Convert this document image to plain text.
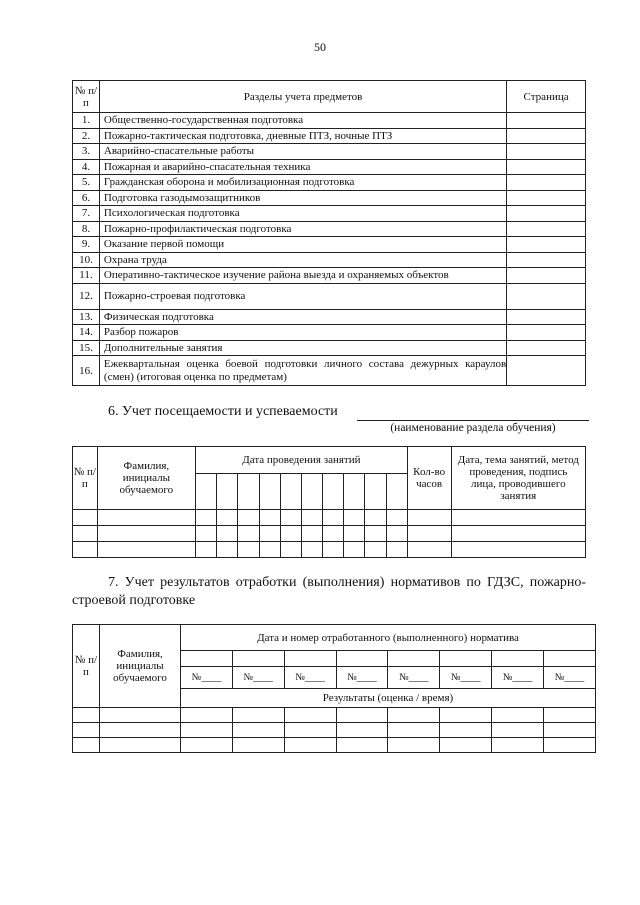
50
№ п/п	Разделы учета предметов	Страница
1.	Общественно-государственная подготовка	
2.	Пожарно-тактическая подготовка, дневные ПТЗ, ночные ПТЗ	
3.	Аварийно-спасательные работы	
4.	Пожарная и аварийно-спасательная техника	
5.	Гражданская оборона и мобилизационная подготовка	
6.	Подготовка газодымозащитников	
7.	Психологическая подготовка	
8.	Пожарно-профилактическая подготовка	
9.	Оказание первой помощи	
10.	Охрана труда	
11.	Оперативно-тактическое изучение района выезда и охраняемых объектов	
12.	Пожарно-строевая подготовка	
13.	Физическая подготовка	
14.	Разбор пожаров	
15.	Дополнительные занятия	
16.	Ежеквартальная оценка боевой подготовки личного состава дежурных караулов (смен) (итоговая оценка по предметам)	
6. Учет посещаемости и успеваемости
(наименование раздела обучения)
№ п/п	Фамилия, инициалы обучаемого	Дата проведения занятий										Кол-во часов	Дата, тема занятий, метод проведения, подпись лица, проводившего занятия

7. Учет результатов отработки (выполнения) нормативов по ГДЗС, пожарно-строевой подготовке
№ п/п	Фамилия, инициалы обучаемого	Дата и номер отработанного (выполненного) норматива							

		№____	№____	№____	№____	№____	№____	№____	№____
		Результаты (оценка / время)							
